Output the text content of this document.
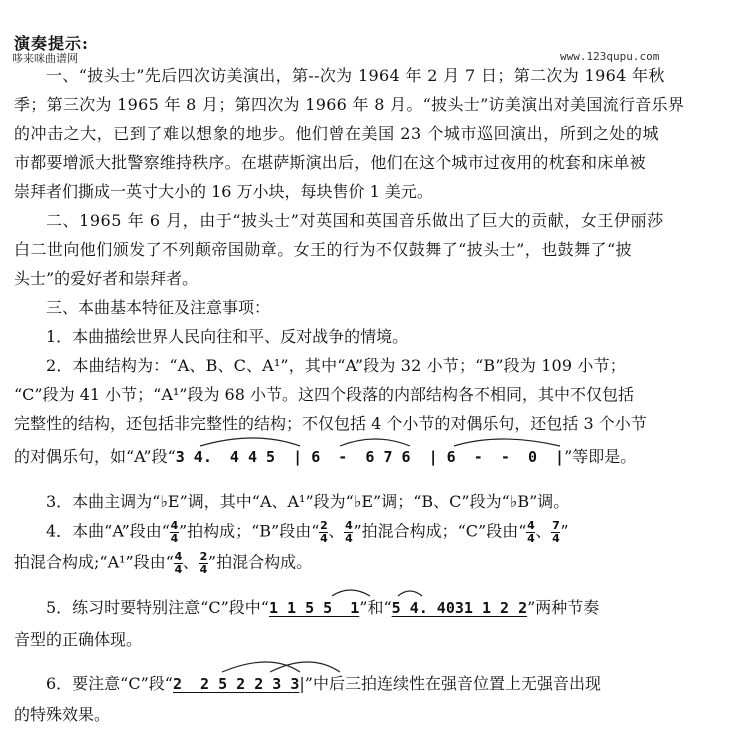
演奏提示:
哆来咪曲谱网	www.123qupu.com
一、“披头士”先后四次访美演出，第--次为 1964 年 2 月 7 日；第二次为 1964 年秋
季；第三次为 1965 年 8 月；第四次为 1966 年 8 月。“披头士”访美演出对美国流行音乐界
的冲击之大，已到了难以想象的地步。他们曾在美国 23 个城市巡回演出，所到之处的城
市都要增派大批警察维持秩序。在堪萨斯演出后，他们在这个城市过夜用的枕套和床单被
崇拜者们撕成一英寸大小的 16 万小块，每块售价 1 美元。
二、1965 年 6 月，由于“披头士”对英国和英国音乐做出了巨大的贡献，女王伊丽莎
白二世向他们颁发了不列颠帝国勋章。女王的行为不仅鼓舞了“披头士”，也鼓舞了“披
头士”的爱好者和崇拜者。
三、本曲基本特征及注意事项：
1．本曲描绘世界人民向往和平、反对战争的情境。
2．本曲结构为：“A、B、C、A¹”，其中“A”段为 32 小节；“B”段为 109 小节；
“C”段为 41 小节；“A¹”段为 68 小节。这四个段落的内部结构各不相同，其中不仅包括
完整性的结构，还包括非完整性的结构；不仅包括 4 个小节的对偶乐句，还包括 3 个小节
的对偶乐句，如“A”段“3 4.  4 4 5  | 6  -  6 7 6  | 6  -  -  0  |”等即是。
3．本曲主调为“♭E”调，其中“A、A¹”段为“♭E”调；“B、C”段为“♭B”调。
4．本曲“A”段由“ $\frac{4}{4}$ ”拍构成；“B”段由“ $\frac{2}{4}$ 、 $\frac{4}{4}$ ”拍混合构成；“C”段由“ $\frac{4}{4}$ 、 $\frac{7}{4}$ ”
拍混合构成;“A¹”段由“ $\frac{4}{4}$ 、 $\frac{2}{4}$ ”拍混合构成。
5．练习时要特别注意“C”段中“1 1 5 5  1”和“5 4. 4031 1 2 2”两种节奏
音型的正确体现。
6．要注意“C”段“2  2 5 2 2 3 3|”中后三拍连续性在强音位置上无强音出现
的特殊效果。
